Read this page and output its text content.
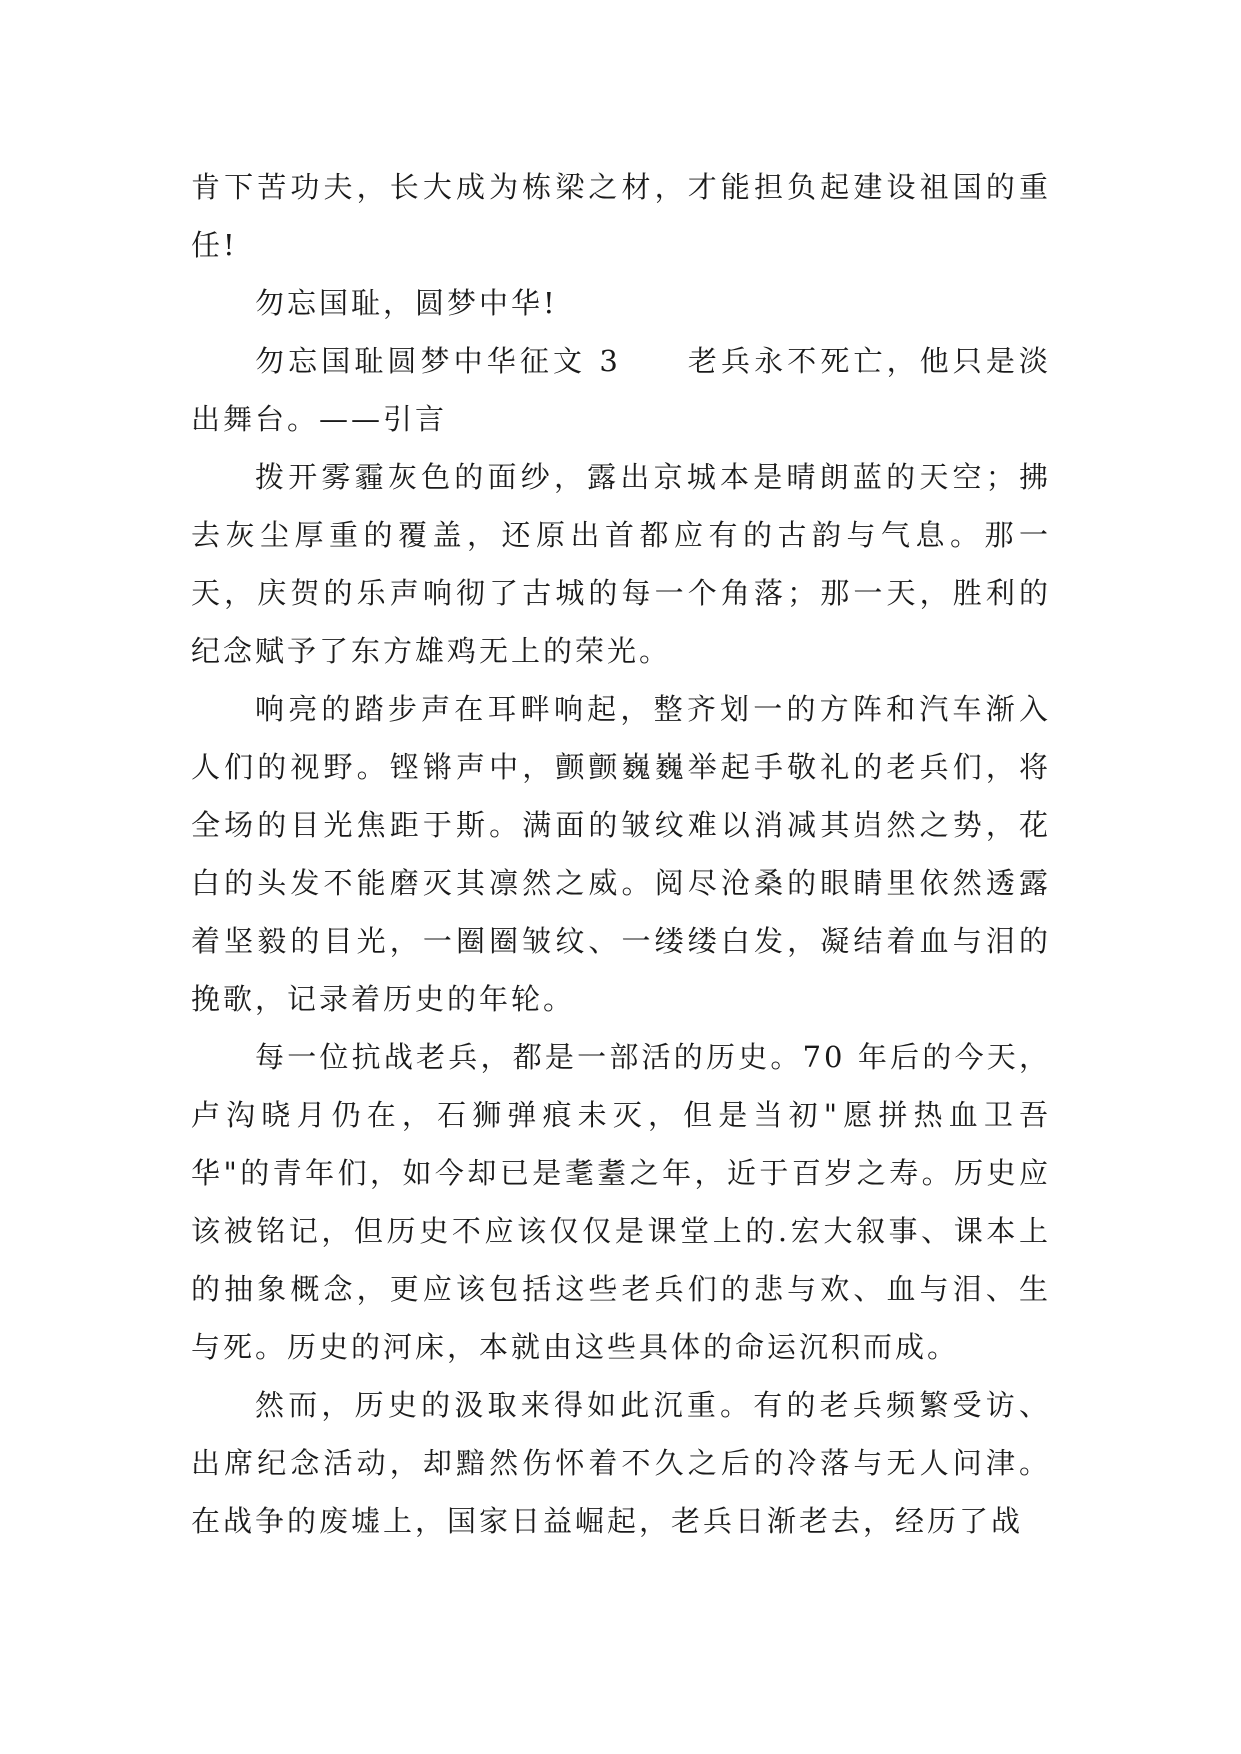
肯下苦功夫，长大成为栋梁之材，才能担负起建设祖国的重任!

勿忘国耻，圆梦中华!

勿忘国耻圆梦中华征文 3 老兵永不死亡，他只是淡出舞台。——引言

拨开雾霾灰色的面纱，露出京城本是晴朗蓝的天空；拂去灰尘厚重的覆盖，还原出首都应有的古韵与气息。那一天，庆贺的乐声响彻了古城的每一个角落；那一天，胜利的纪念赋予了东方雄鸡无上的荣光。

响亮的踏步声在耳畔响起，整齐划一的方阵和汽车渐入人们的视野。铿锵声中，颤颤巍巍举起手敬礼的老兵们，将全场的目光焦距于斯。满面的皱纹难以消减其岿然之势，花白的头发不能磨灭其凛然之威。阅尽沧桑的眼睛里依然透露着坚毅的目光，一圈圈皱纹、一缕缕白发，凝结着血与泪的挽歌，记录着历史的年轮。

每一位抗战老兵，都是一部活的历史。70 年后的今天，卢沟晓月仍在，石狮弹痕未灭，但是当初"愿拼热血卫吾华"的青年们，如今却已是耄耋之年，近于百岁之寿。历史应该被铭记，但历史不应该仅仅是课堂上的.宏大叙事、课本上的抽象概念，更应该包括这些老兵们的悲与欢、血与泪、生与死。历史的河床，本就由这些具体的命运沉积而成。

然而，历史的汲取来得如此沉重。有的老兵频繁受访、出席纪念活动，却黯然伤怀着不久之后的冷落与无人问津。在战争的废墟上，国家日益崛起，老兵日渐老去，经历了战
